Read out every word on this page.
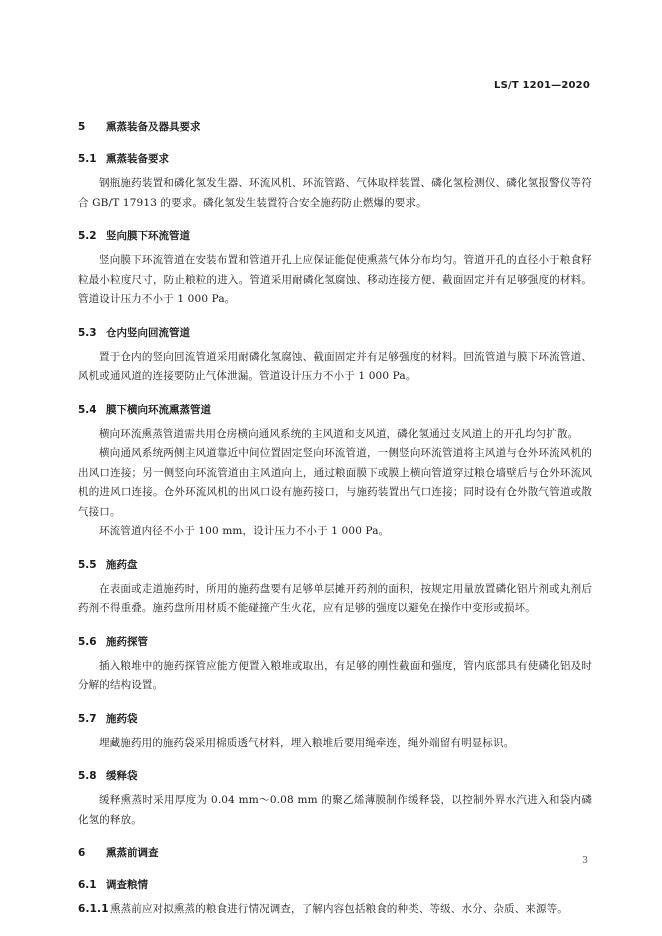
LS/T 1201—2020
5 熏蒸装备及器具要求
5.1 熏蒸装备要求

钢瓶施药装置和磷化氢发生器、环流风机、环流管路、气体取样装置、磷化氢检测仪、磷化氢报警仪等符合 GB/T 17913 的要求。磷化氢发生装置符合安全施药防止燃爆的要求。

5.2 竖向膜下环流管道

竖向膜下环流管道在安装布置和管道开孔上应保证能促使熏蒸气体分布均匀。管道开孔的直径小于粮食籽粒最小粒度尺寸，防止粮粒的进入。管道采用耐磷化氢腐蚀、移动连接方便、截面固定并有足够强度的材料。管道设计压力不小于 1 000 Pa。

5.3 仓内竖向回流管道

置于仓内的竖向回流管道采用耐磷化氢腐蚀、截面固定并有足够强度的材料。回流管道与膜下环流管道、风机或通风道的连接要防止气体泄漏。管道设计压力不小于 1 000 Pa。

5.4 膜下横向环流熏蒸管道

横向环流熏蒸管道需共用仓房横向通风系统的主风道和支风道，磷化氢通过支风道上的开孔均匀扩散。

横向通风系统两侧主风道靠近中间位置固定竖向环流管道，一侧竖向环流管道将主风道与仓外环流风机的出风口连接；另一侧竖向环流管道由主风道向上，通过粮面膜下或膜上横向管道穿过粮仓墙壁后与仓外环流风机的进风口连接。仓外环流风机的出风口设有施药接口，与施药装置出气口连接；同时设有仓外散气管道或散气接口。

环流管道内径不小于 100 mm，设计压力不小于 1 000 Pa。

5.5 施药盘

在表面或走道施药时，所用的施药盘要有足够单层摊开药剂的面积，按规定用量放置磷化铝片剂或丸剂后药剂不得重叠。施药盘所用材质不能碰撞产生火花，应有足够的强度以避免在操作中变形或损坏。

5.6 施药探管

插入粮堆中的施药探管应能方便置入粮堆或取出，有足够的刚性截面和强度，管内底部具有使磷化铝及时分解的结构设置。

5.7 施药袋

埋藏施药用的施药袋采用棉质透气材料，埋入粮堆后要用绳牵连，绳外端留有明显标识。

5.8 缓释袋

缓释熏蒸时采用厚度为 0.04 mm～0.08 mm 的聚乙烯薄膜制作缓释袋，以控制外界水汽进入和袋内磷化氢的释放。

6 熏蒸前调查
6.1 调查粮情
6.1.1熏蒸前应对拟熏蒸的粮食进行情况调查，了解内容包括粮食的种类、等级、水分、杂质、来源等。
3
